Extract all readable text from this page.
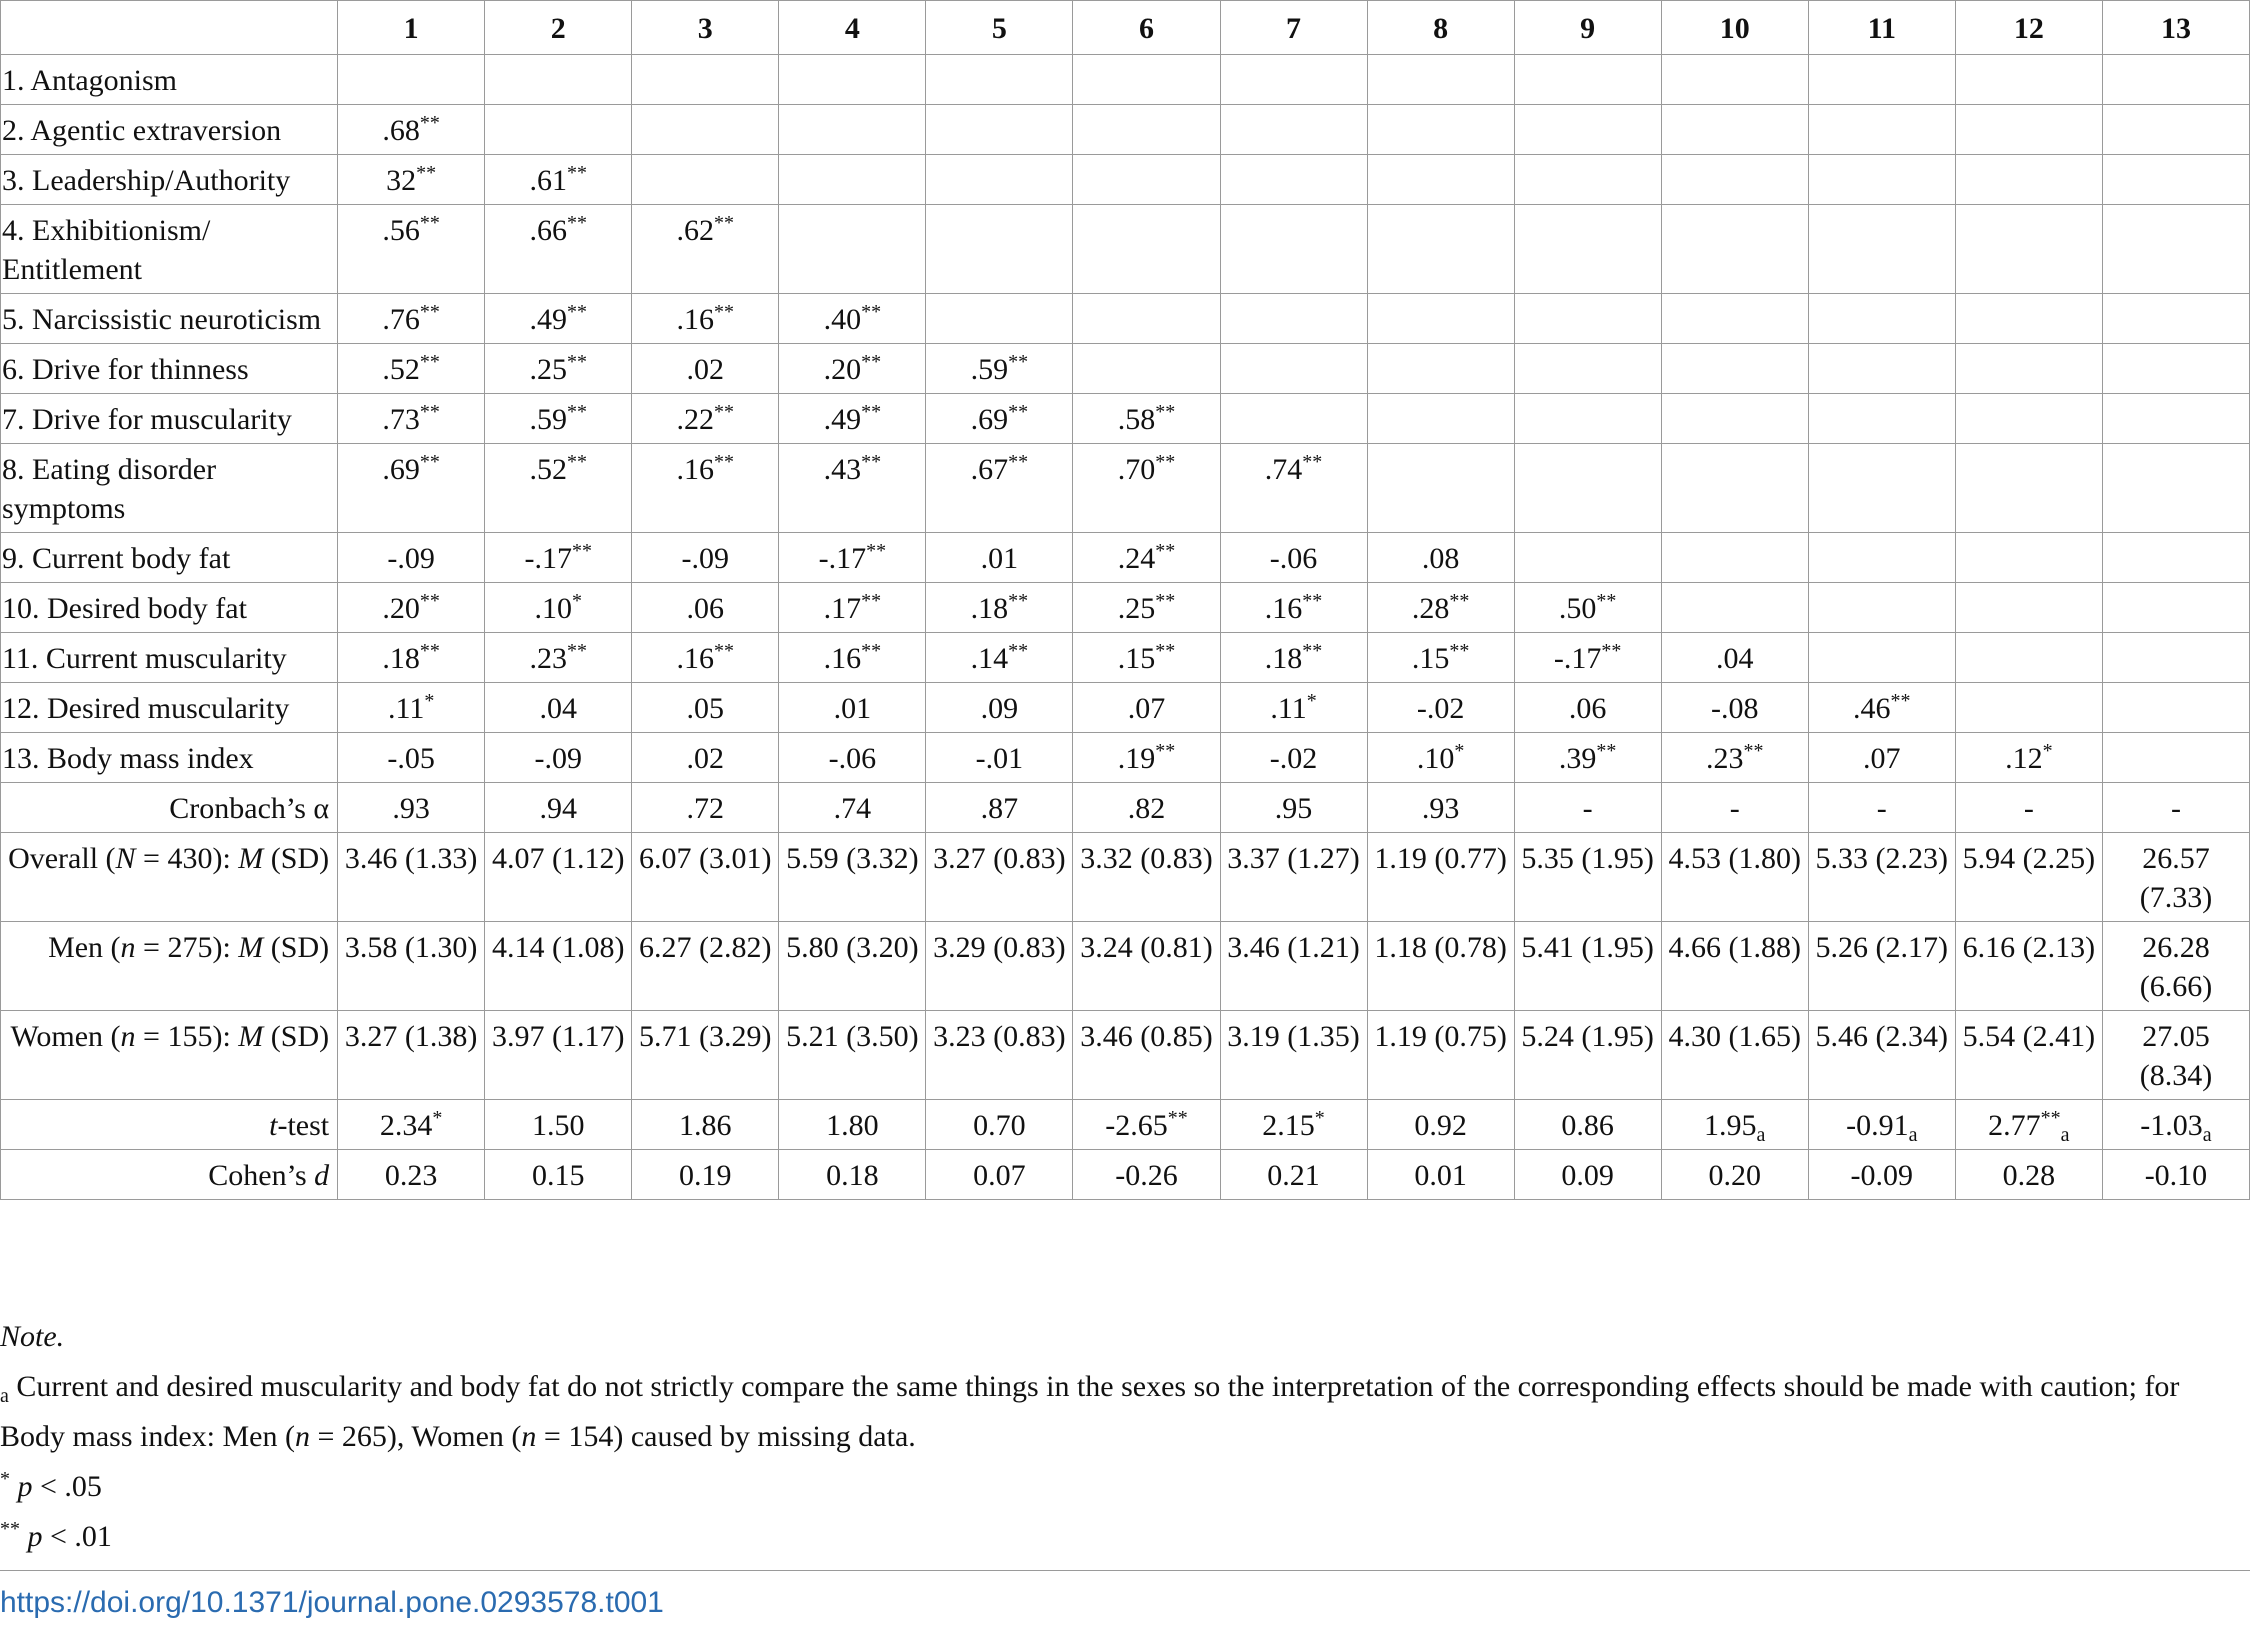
	1	2	3	4	5	6	7	8	9	10	11	12	13
1. Antagonism													
2. Agentic extraversion	.68**												
3. Leadership/Authority	32**	.61**											
4. Exhibitionism/ Entitlement	.56**	.66**	.62**										
5. Narcissistic neuroticism	.76**	.49**	.16**	.40**									
6. Drive for thinness	.52**	.25**	.02	.20**	.59**								
7. Drive for muscularity	.73**	.59**	.22**	.49**	.69**	.58**							
8. Eating disorder symptoms	.69**	.52**	.16**	.43**	.67**	.70**	.74**						
9. Current body fat	-.09	-.17**	-.09	-.17**	.01	.24**	-.06	.08					
10. Desired body fat	.20**	.10*	.06	.17**	.18**	.25**	.16**	.28**	.50**				
11. Current muscularity	.18**	.23**	.16**	.16**	.14**	.15**	.18**	.15**	-.17**	.04			
12. Desired muscularity	.11*	.04	.05	.01	.09	.07	.11*	-.02	.06	-.08	.46**		
13. Body mass index	-.05	-.09	.02	-.06	-.01	.19**	-.02	.10*	.39**	.23**	.07	.12*	
Cronbach’s α	.93	.94	.72	.74	.87	.82	.95	.93	-	-	-	-	-
Overall (N = 430): M (SD)	3.46 (1.33)	4.07 (1.12)	6.07 (3.01)	5.59 (3.32)	3.27 (0.83)	3.32 (0.83)	3.37 (1.27)	1.19 (0.77)	5.35 (1.95)	4.53 (1.80)	5.33 (2.23)	5.94 (2.25)	26.57 (7.33)
Men (n = 275): M (SD)	3.58 (1.30)	4.14 (1.08)	6.27 (2.82)	5.80 (3.20)	3.29 (0.83)	3.24 (0.81)	3.46 (1.21)	1.18 (0.78)	5.41 (1.95)	4.66 (1.88)	5.26 (2.17)	6.16 (2.13)	26.28 (6.66)
Women (n = 155): M (SD)	3.27 (1.38)	3.97 (1.17)	5.71 (3.29)	5.21 (3.50)	3.23 (0.83)	3.46 (0.85)	3.19 (1.35)	1.19 (0.75)	5.24 (1.95)	4.30 (1.65)	5.46 (2.34)	5.54 (2.41)	27.05 (8.34)
t-test	2.34*	1.50	1.86	1.80	0.70	-2.65**	2.15*	0.92	0.86	$1.95_a$	$-0.91_a$	$2.77^{**}_a$	$-1.03_a$
Cohen’s d	0.23	0.15	0.19	0.18	0.07	-0.26	0.21	0.01	0.09	0.20	-0.09	0.28	-0.10

Note.

$_a$ Current and desired muscularity and body fat do not strictly compare the same things in the sexes so the interpretation of the corresponding effects should be made with caution; for Body mass index: Men (n = 265), Women (n = 154) caused by missing data.

* p < .05

** p < .01

https://doi.org/10.1371/journal.pone.0293578.t001
